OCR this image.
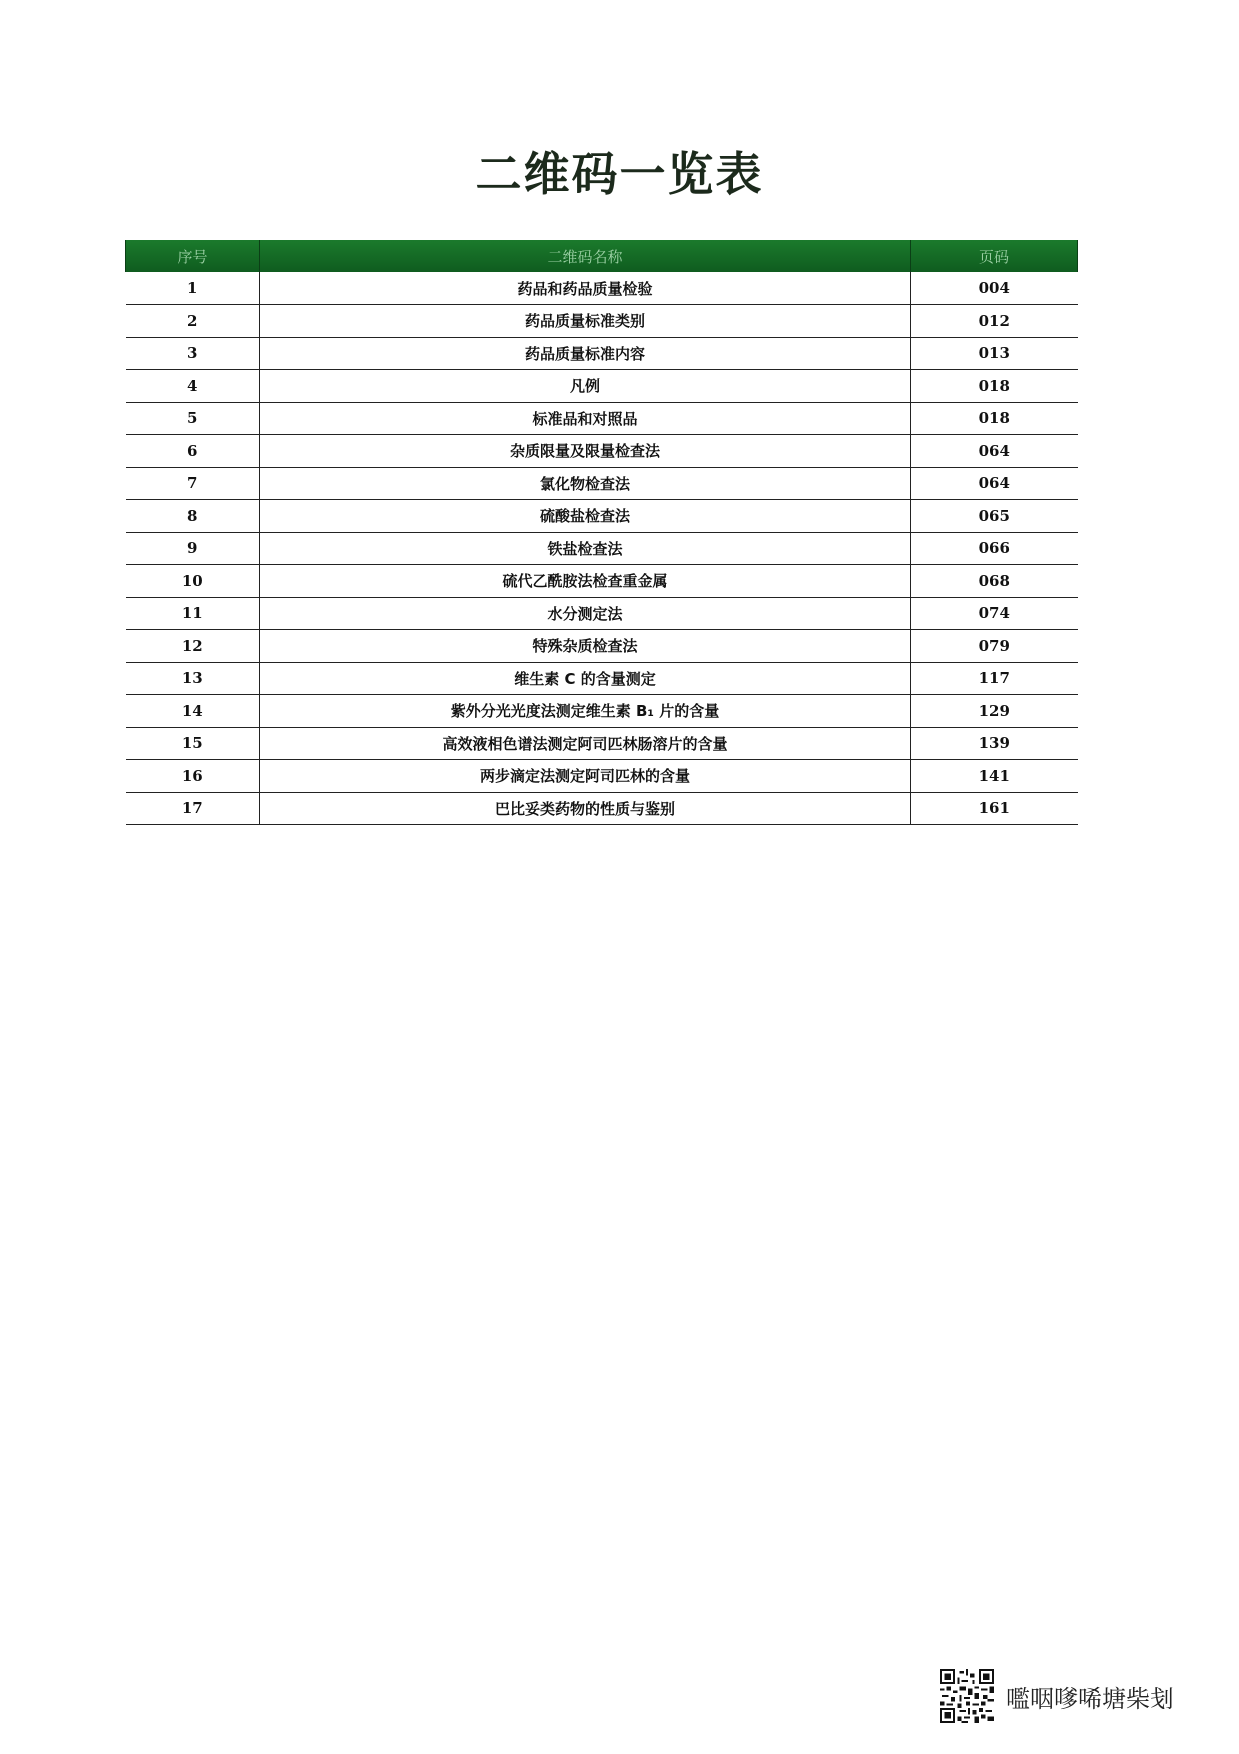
二维码一览表
序号	二维码名称	页码
1	药品和药品质量检验	004
2	药品质量标准类别	012
3	药品质量标准内容	013
4	凡例	018
5	标准品和对照品	018
6	杂质限量及限量检查法	064
7	氯化物检查法	064
8	硫酸盐检查法	065
9	铁盐检查法	066
10	硫代乙酰胺法检查重金属	068
11	水分测定法	074
12	特殊杂质检查法	079
13	维生素 C 的含量测定	117
14	紫外分光光度法测定维生素 B₁ 片的含量	129
15	高效液相色谱法测定阿司匹林肠溶片的含量	139
16	两步滴定法测定阿司匹林的含量	141
17	巴比妥类药物的性质与鉴别	161
嚂咽嗲唏塘柴刬
